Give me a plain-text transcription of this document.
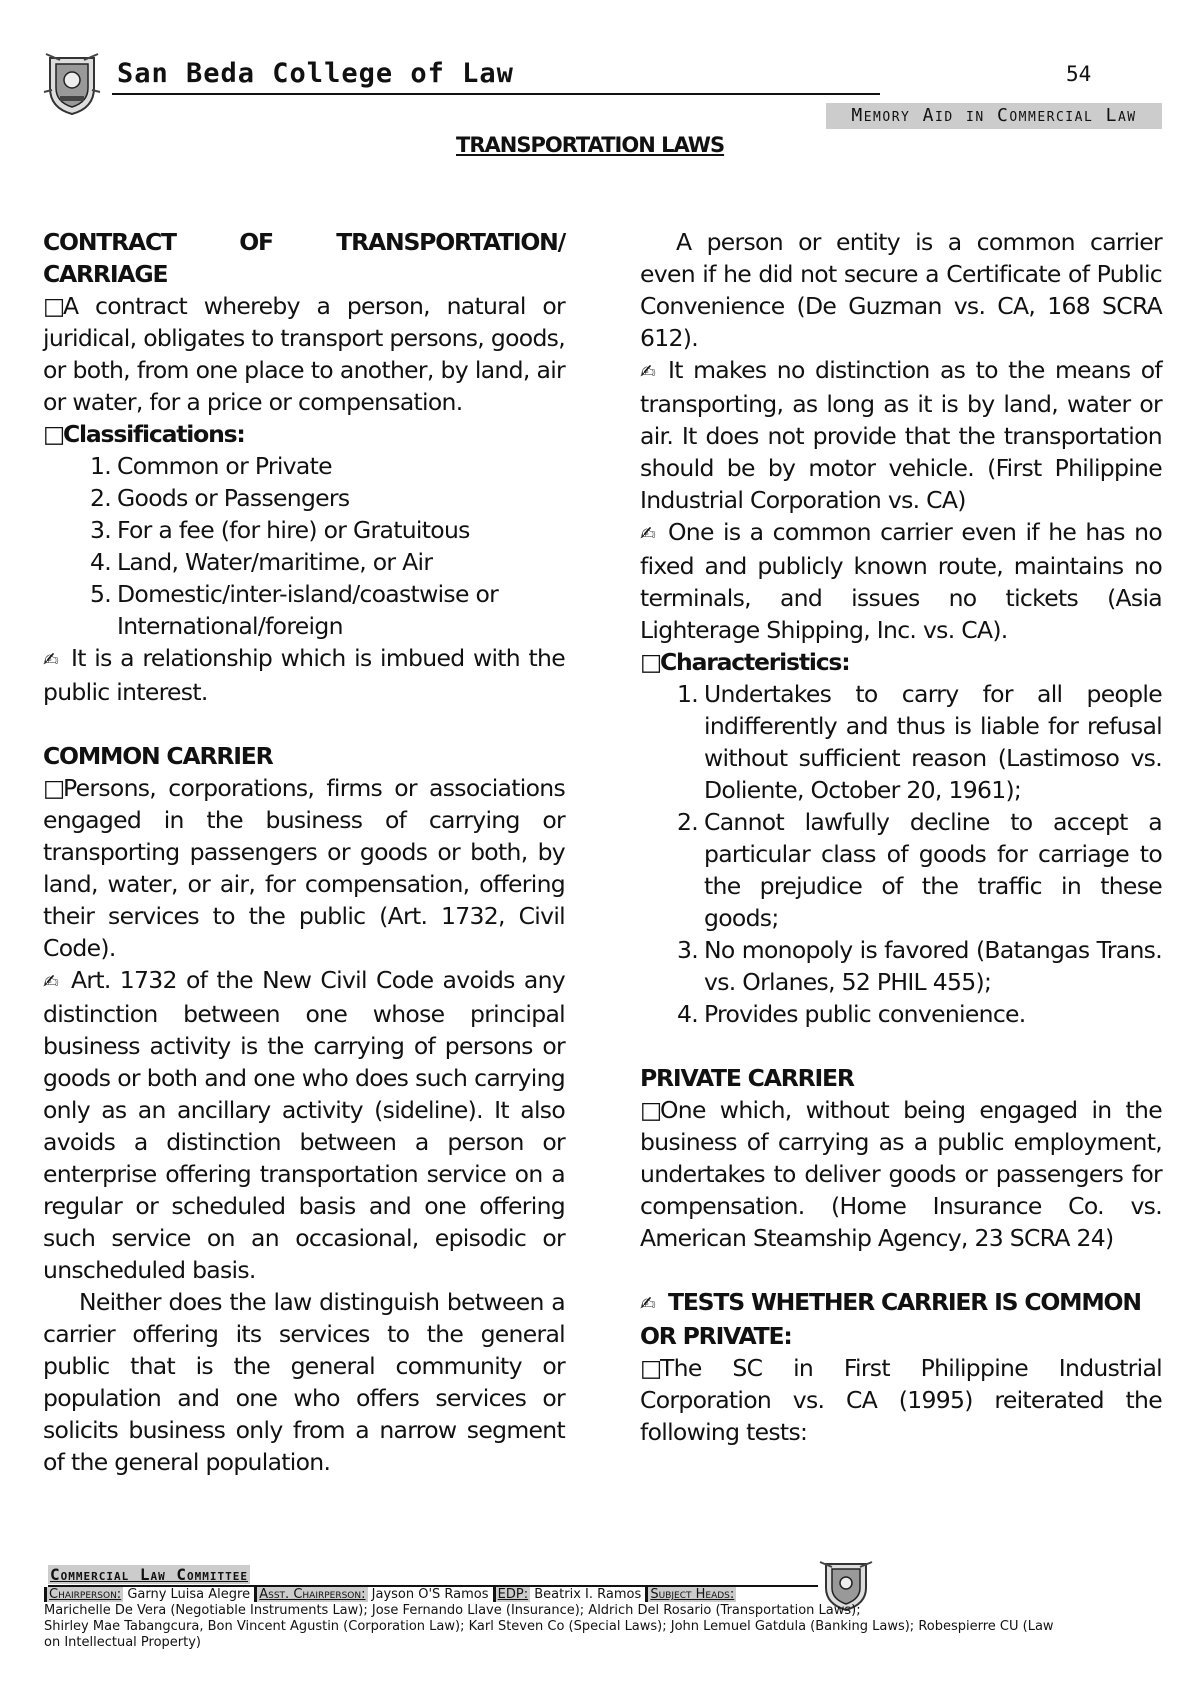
San Beda College of Law	54
Memory Aid in Commercial Law
TRANSPORTATION LAWS

CONTRACT OF TRANSPORTATION/

CARRIAGE

□A contract whereby a person, natural or juridical, obligates to transport persons, goods, or both, from one place to another, by land, air or water, for a price or compensation.

□Classifications:

1. Common or Private
2. Goods or Passengers
3. For a fee (for hire) or Gratuitous
4. Land, Water/maritime, or Air
5. Domestic/inter-island/coastwise or International/foreign

✍ It is a relationship which is imbued with the public interest.

COMMON CARRIER

□Persons, corporations, firms or associations engaged in the business of carrying or transporting passengers or goods or both, by land, water, or air, for compensation, offering their services to the public (Art. 1732, Civil Code).

✍ Art. 1732 of the New Civil Code avoids any distinction between one whose principal business activity is the carrying of persons or goods or both and one who does such carrying only as an ancillary activity (sideline). It also avoids a distinction between a person or enterprise offering transportation service on a regular or scheduled basis and one offering such service on an occasional, episodic or unscheduled basis.

Neither does the law distinguish between a carrier offering its services to the general public that is the general community or population and one who offers services or solicits business only from a narrow segment of the general population.

A person or entity is a common carrier even if he did not secure a Certificate of Public Convenience (De Guzman vs. CA, 168 SCRA 612).

✍ It makes no distinction as to the means of transporting, as long as it is by land, water or air. It does not provide that the transportation should be by motor vehicle. (First Philippine Industrial Corporation vs. CA)

✍ One is a common carrier even if he has no fixed and publicly known route, maintains no terminals, and issues no tickets (Asia Lighterage Shipping, Inc. vs. CA).

□Characteristics:

1. Undertakes to carry for all people indifferently and thus is liable for refusal without sufficient reason (Lastimoso vs. Doliente, October 20, 1961);
2. Cannot lawfully decline to accept a particular class of goods for carriage to the prejudice of the traffic in these goods;
3. No monopoly is favored (Batangas Trans. vs. Orlanes, 52 PHIL 455);
4. Provides public convenience.

PRIVATE CARRIER

□One which, without being engaged in the business of carrying as a public employment, undertakes to deliver goods or passengers for compensation. (Home Insurance Co. vs. American Steamship Agency, 23 SCRA 24)

✍ TESTS WHETHER CARRIER IS COMMON OR PRIVATE:

□The SC in First Philippine Industrial Corporation vs. CA (1995) reiterated the following tests:

Commercial Law Committee
Chairperson: Garny Luisa Alegre Asst. Chairperson: Jayson O'S Ramos EDP: Beatrix I. Ramos Subject Heads:
Marichelle De Vera (Negotiable Instruments Law); Jose Fernando Llave (Insurance); Aldrich Del Rosario (Transportation Laws);
Shirley Mae Tabangcura, Bon Vincent Agustin (Corporation Law); Karl Steven Co (Special Laws); John Lemuel Gatdula (Banking Laws); Robespierre CU (Law
on Intellectual Property)
